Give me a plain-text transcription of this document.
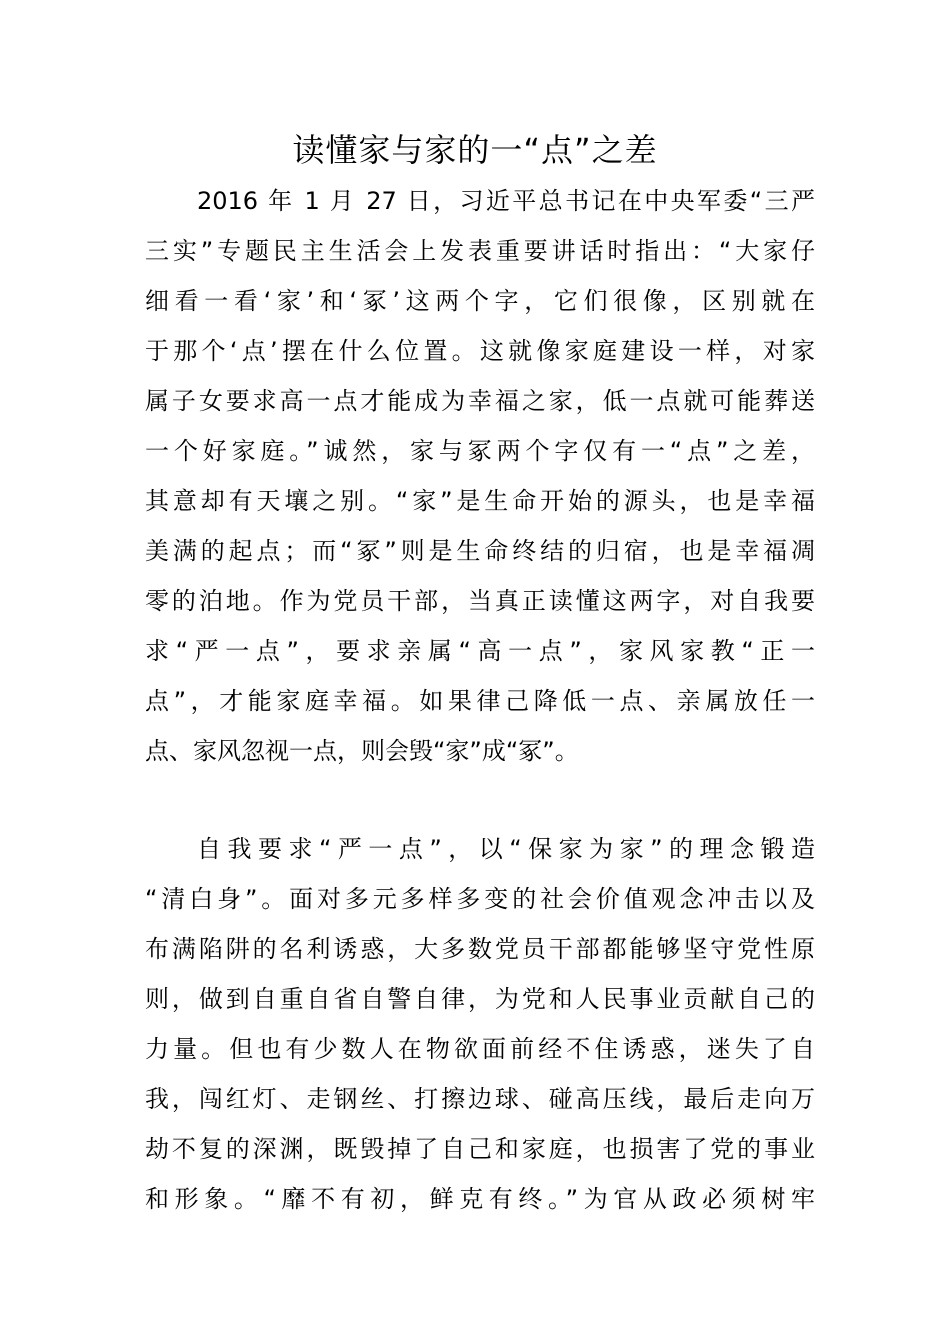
读懂家与家的一“点”之差
2016 年 1 月 27 日，习近平总书记在中央军委“三严
三实”专题民主生活会上发表重要讲话时指出：“大家仔
细看一看‘家’和‘冢’这两个字，它们很像，区别就在
于那个‘点’摆在什么位置。这就像家庭建设一样，对家
属子女要求高一点才能成为幸福之家，低一点就可能葬送
一个好家庭。”诚然，家与冢两个字仅有一“点”之差，
其意却有天壤之别。“家”是生命开始的源头，也是幸福
美满的起点；而“冢”则是生命终结的归宿，也是幸福凋
零的泊地。作为党员干部，当真正读懂这两字，对自我要
求“严一点”，要求亲属“高一点”，家风家教“正一
点”，才能家庭幸福。如果律己降低一点、亲属放任一
点、家风忽视一点，则会毁“家”成“冢”。
自我要求“严一点”，以“保家为家”的理念锻造
“清白身”。面对多元多样多变的社会价值观念冲击以及
布满陷阱的名利诱惑，大多数党员干部都能够坚守党性原
则，做到自重自省自警自律，为党和人民事业贡献自己的
力量。但也有少数人在物欲面前经不住诱惑，迷失了自
我，闯红灯、走钢丝、打擦边球、碰高压线，最后走向万
劫不复的深渊，既毁掉了自己和家庭，也损害了党的事业
和形象。“靡不有初，鲜克有终。”为官从政必须树牢
